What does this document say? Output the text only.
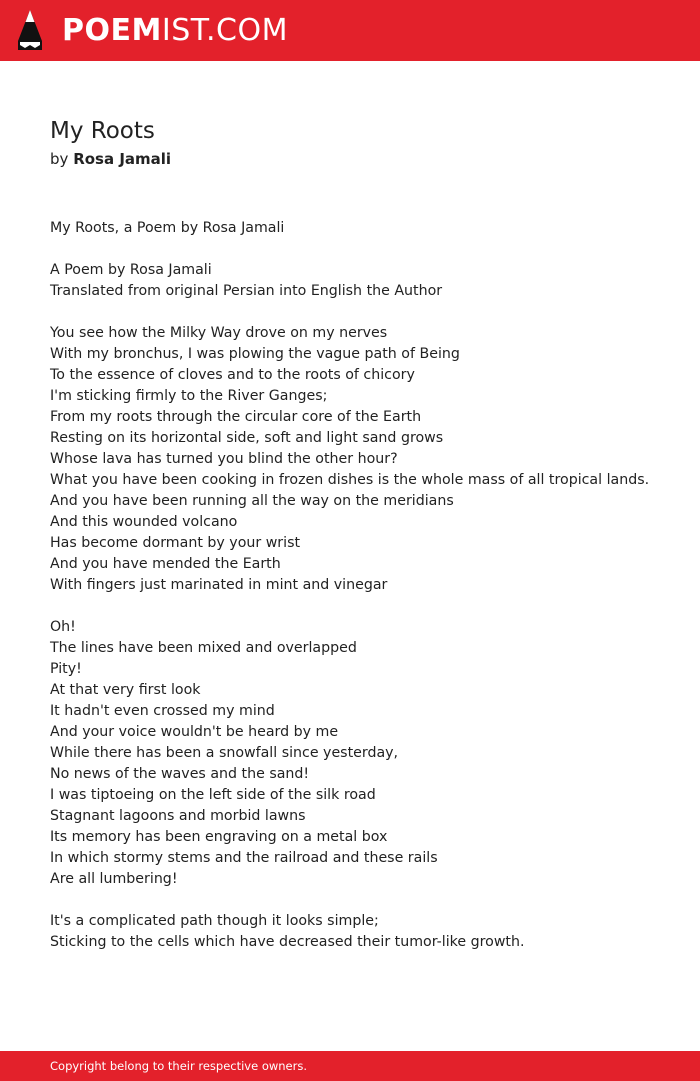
POEMIST.COM
My Roots
by Rosa Jamali
My Roots, a Poem by Rosa Jamali
A Poem by Rosa Jamali
Translated from original Persian into English the Author
You see how the Milky Way drove on my nerves
With my bronchus, I was plowing the vague path of Being
To the essence of cloves and to the roots of chicory
I'm sticking firmly to the River Ganges;
From my roots through the circular core of the Earth
Resting on its horizontal side, soft and light sand grows
Whose lava has turned you blind the other hour?
What you have been cooking in frozen dishes is the whole mass of all tropical lands.
And you have been running all the way on the meridians
And this wounded volcano
Has become dormant by your wrist
And you have mended the Earth
With fingers just marinated in mint and vinegar
Oh!
The lines have been mixed and overlapped
Pity!
At that very first look
It hadn't even crossed my mind
And your voice wouldn't be heard by me
While there has been a snowfall since yesterday,
No news of the waves and the sand!
I was tiptoeing on the left side of the silk road
Stagnant lagoons and morbid lawns
Its memory has been engraving on a metal box
In which stormy stems and the railroad and these rails
Are all lumbering!
It's a complicated path though it looks simple;
Sticking to the cells which have decreased their tumor-like growth.
Copyright belong to their respective owners.
